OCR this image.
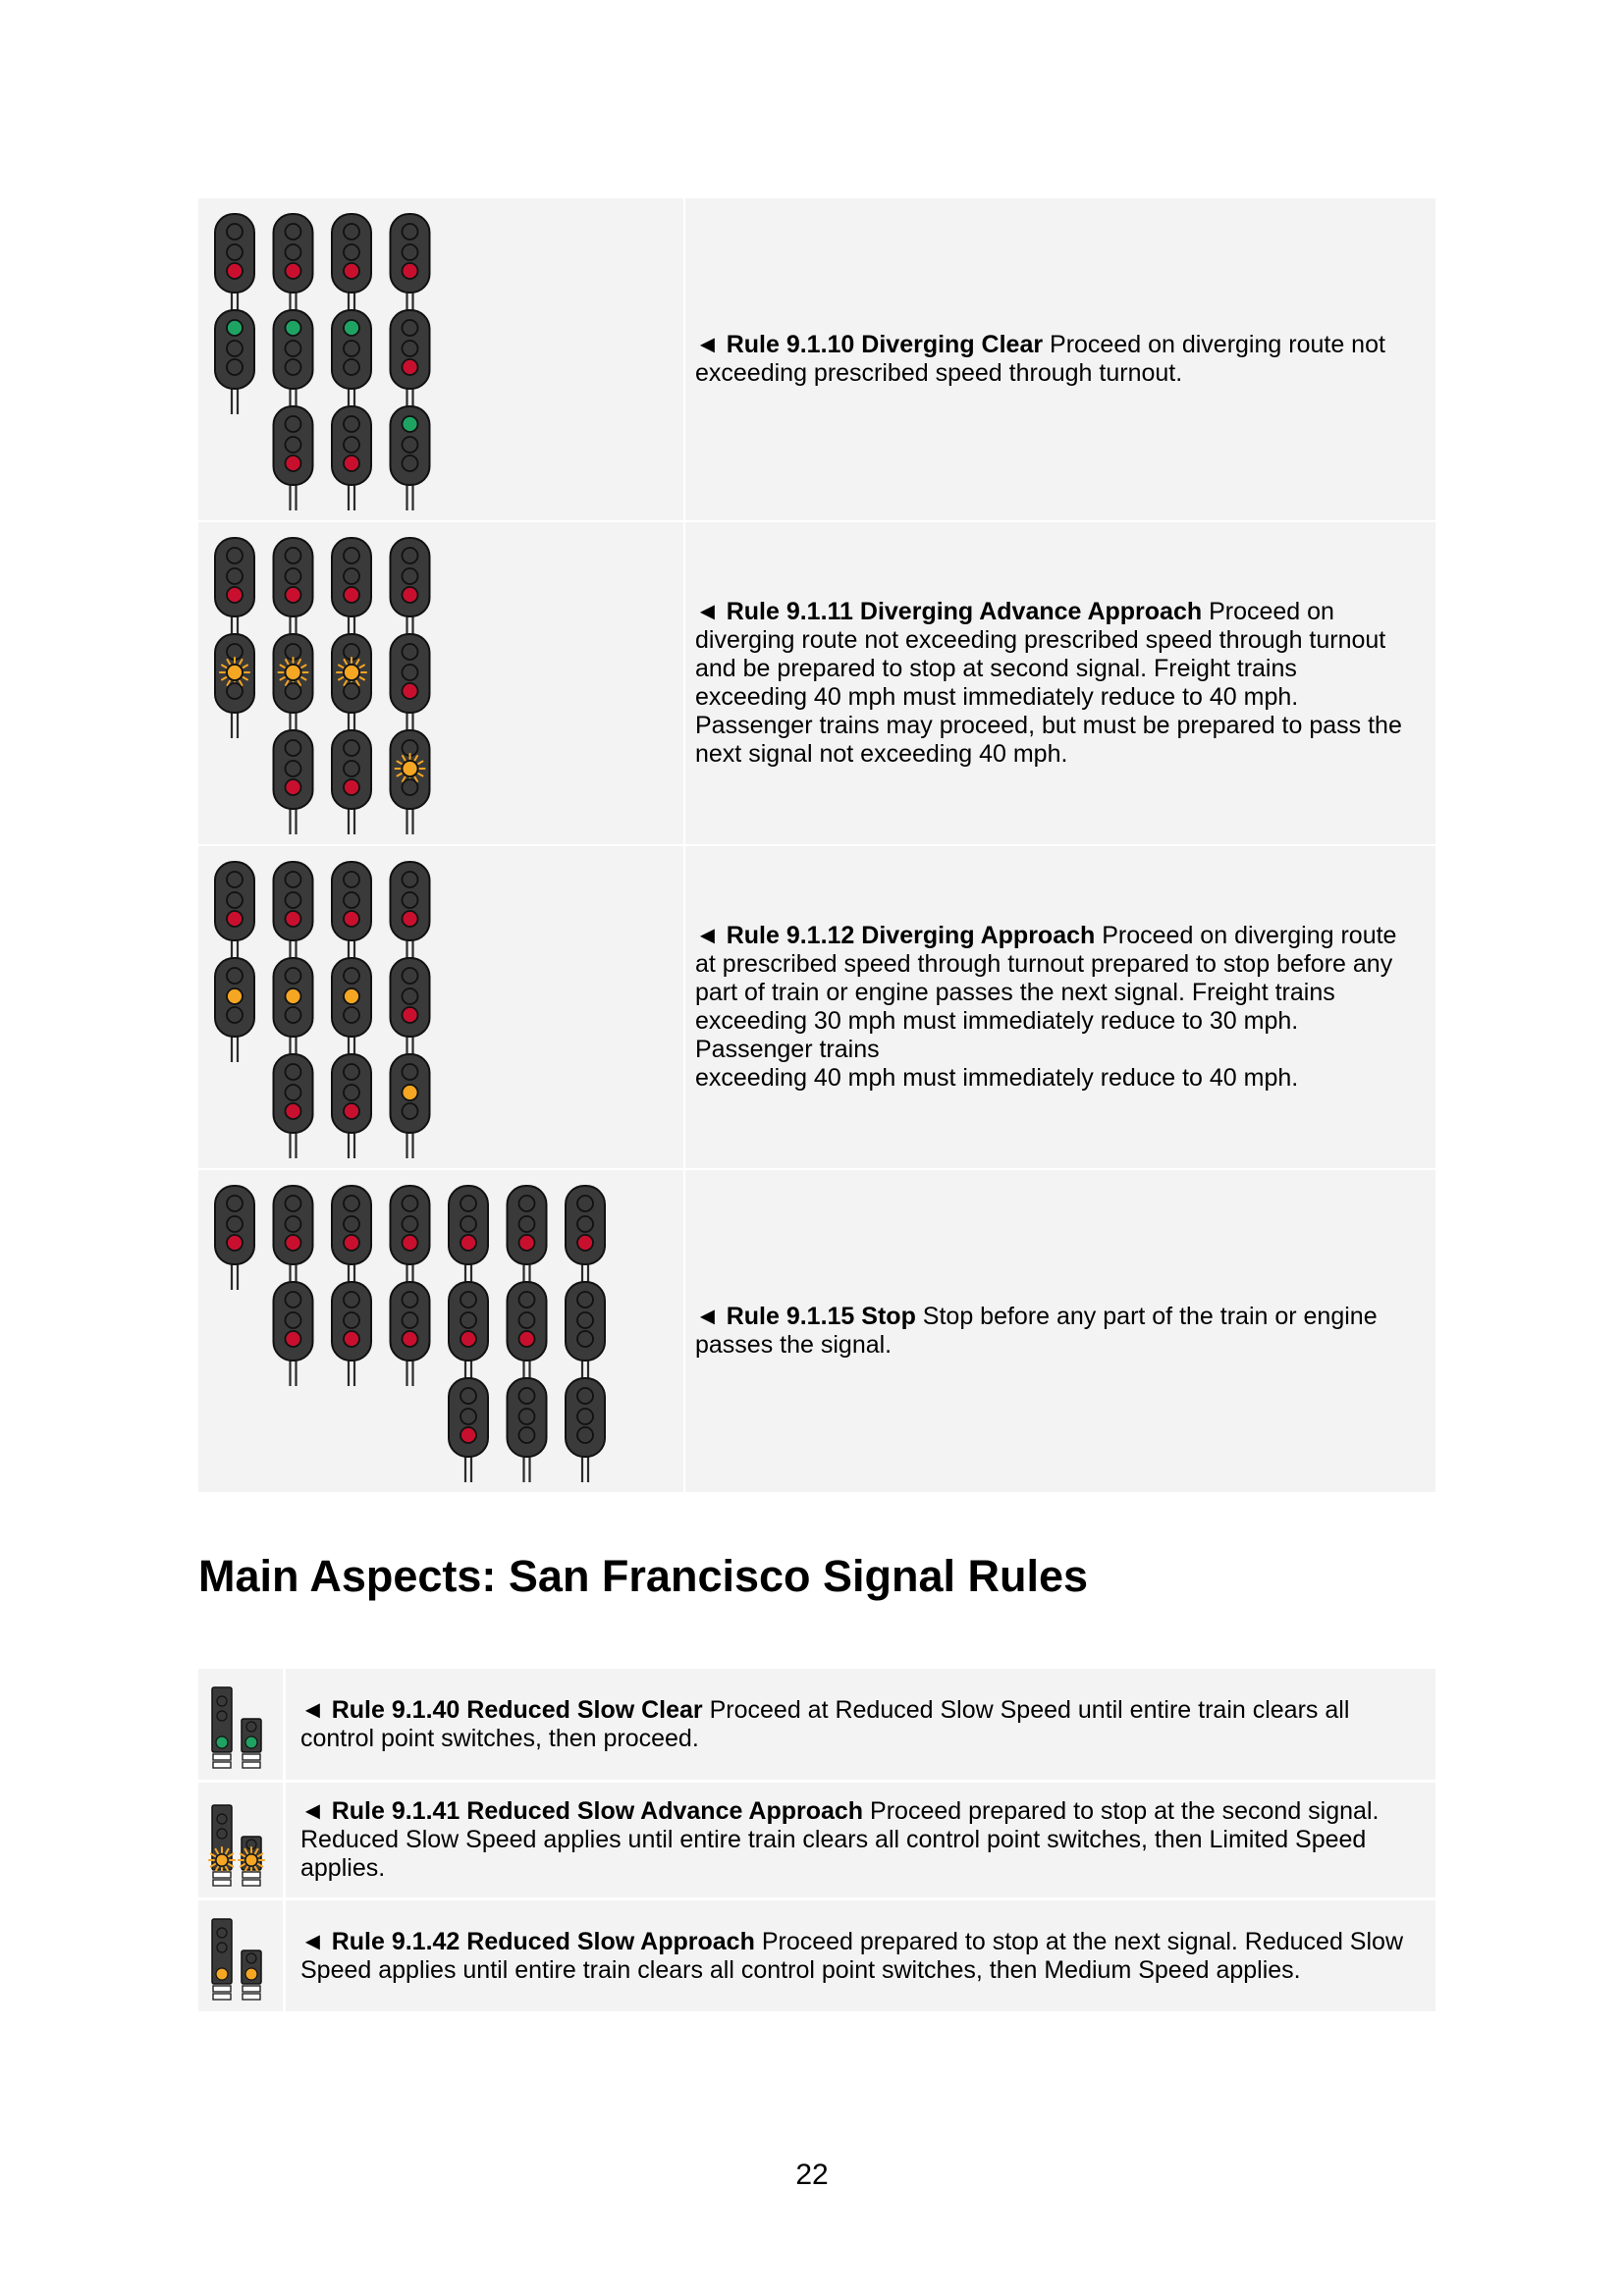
◄ Rule 9.1.10 Diverging Clear Proceed on diverging route not
exceeding prescribed speed through turnout.
◄ Rule 9.1.11 Diverging Advance Approach Proceed on
diverging route not exceeding prescribed speed through turnout
and be prepared to stop at second signal. Freight trains
exceeding 40 mph must immediately reduce to 40 mph.
Passenger trains may proceed, but must be prepared to pass the
next signal not exceeding 40 mph.
◄ Rule 9.1.12 Diverging Approach Proceed on diverging route
at prescribed speed through turnout prepared to stop before any
part of train or engine passes the next signal. Freight trains
exceeding 30 mph must immediately reduce to 30 mph.
Passenger trains
exceeding 40 mph must immediately reduce to 40 mph.
◄ Rule 9.1.15 Stop Stop before any part of the train or engine
passes the signal.
Main Aspects: San Francisco Signal Rules
◄ Rule 9.1.40 Reduced Slow Clear Proceed at Reduced Slow Speed until entire train clears all
control point switches, then proceed.
◄ Rule 9.1.41 Reduced Slow Advance Approach Proceed prepared to stop at the second signal.
Reduced Slow Speed applies until entire train clears all control point switches, then Limited Speed
applies.
◄ Rule 9.1.42 Reduced Slow Approach Proceed prepared to stop at the next signal. Reduced Slow
Speed applies until entire train clears all control point switches, then Medium Speed applies.
22
